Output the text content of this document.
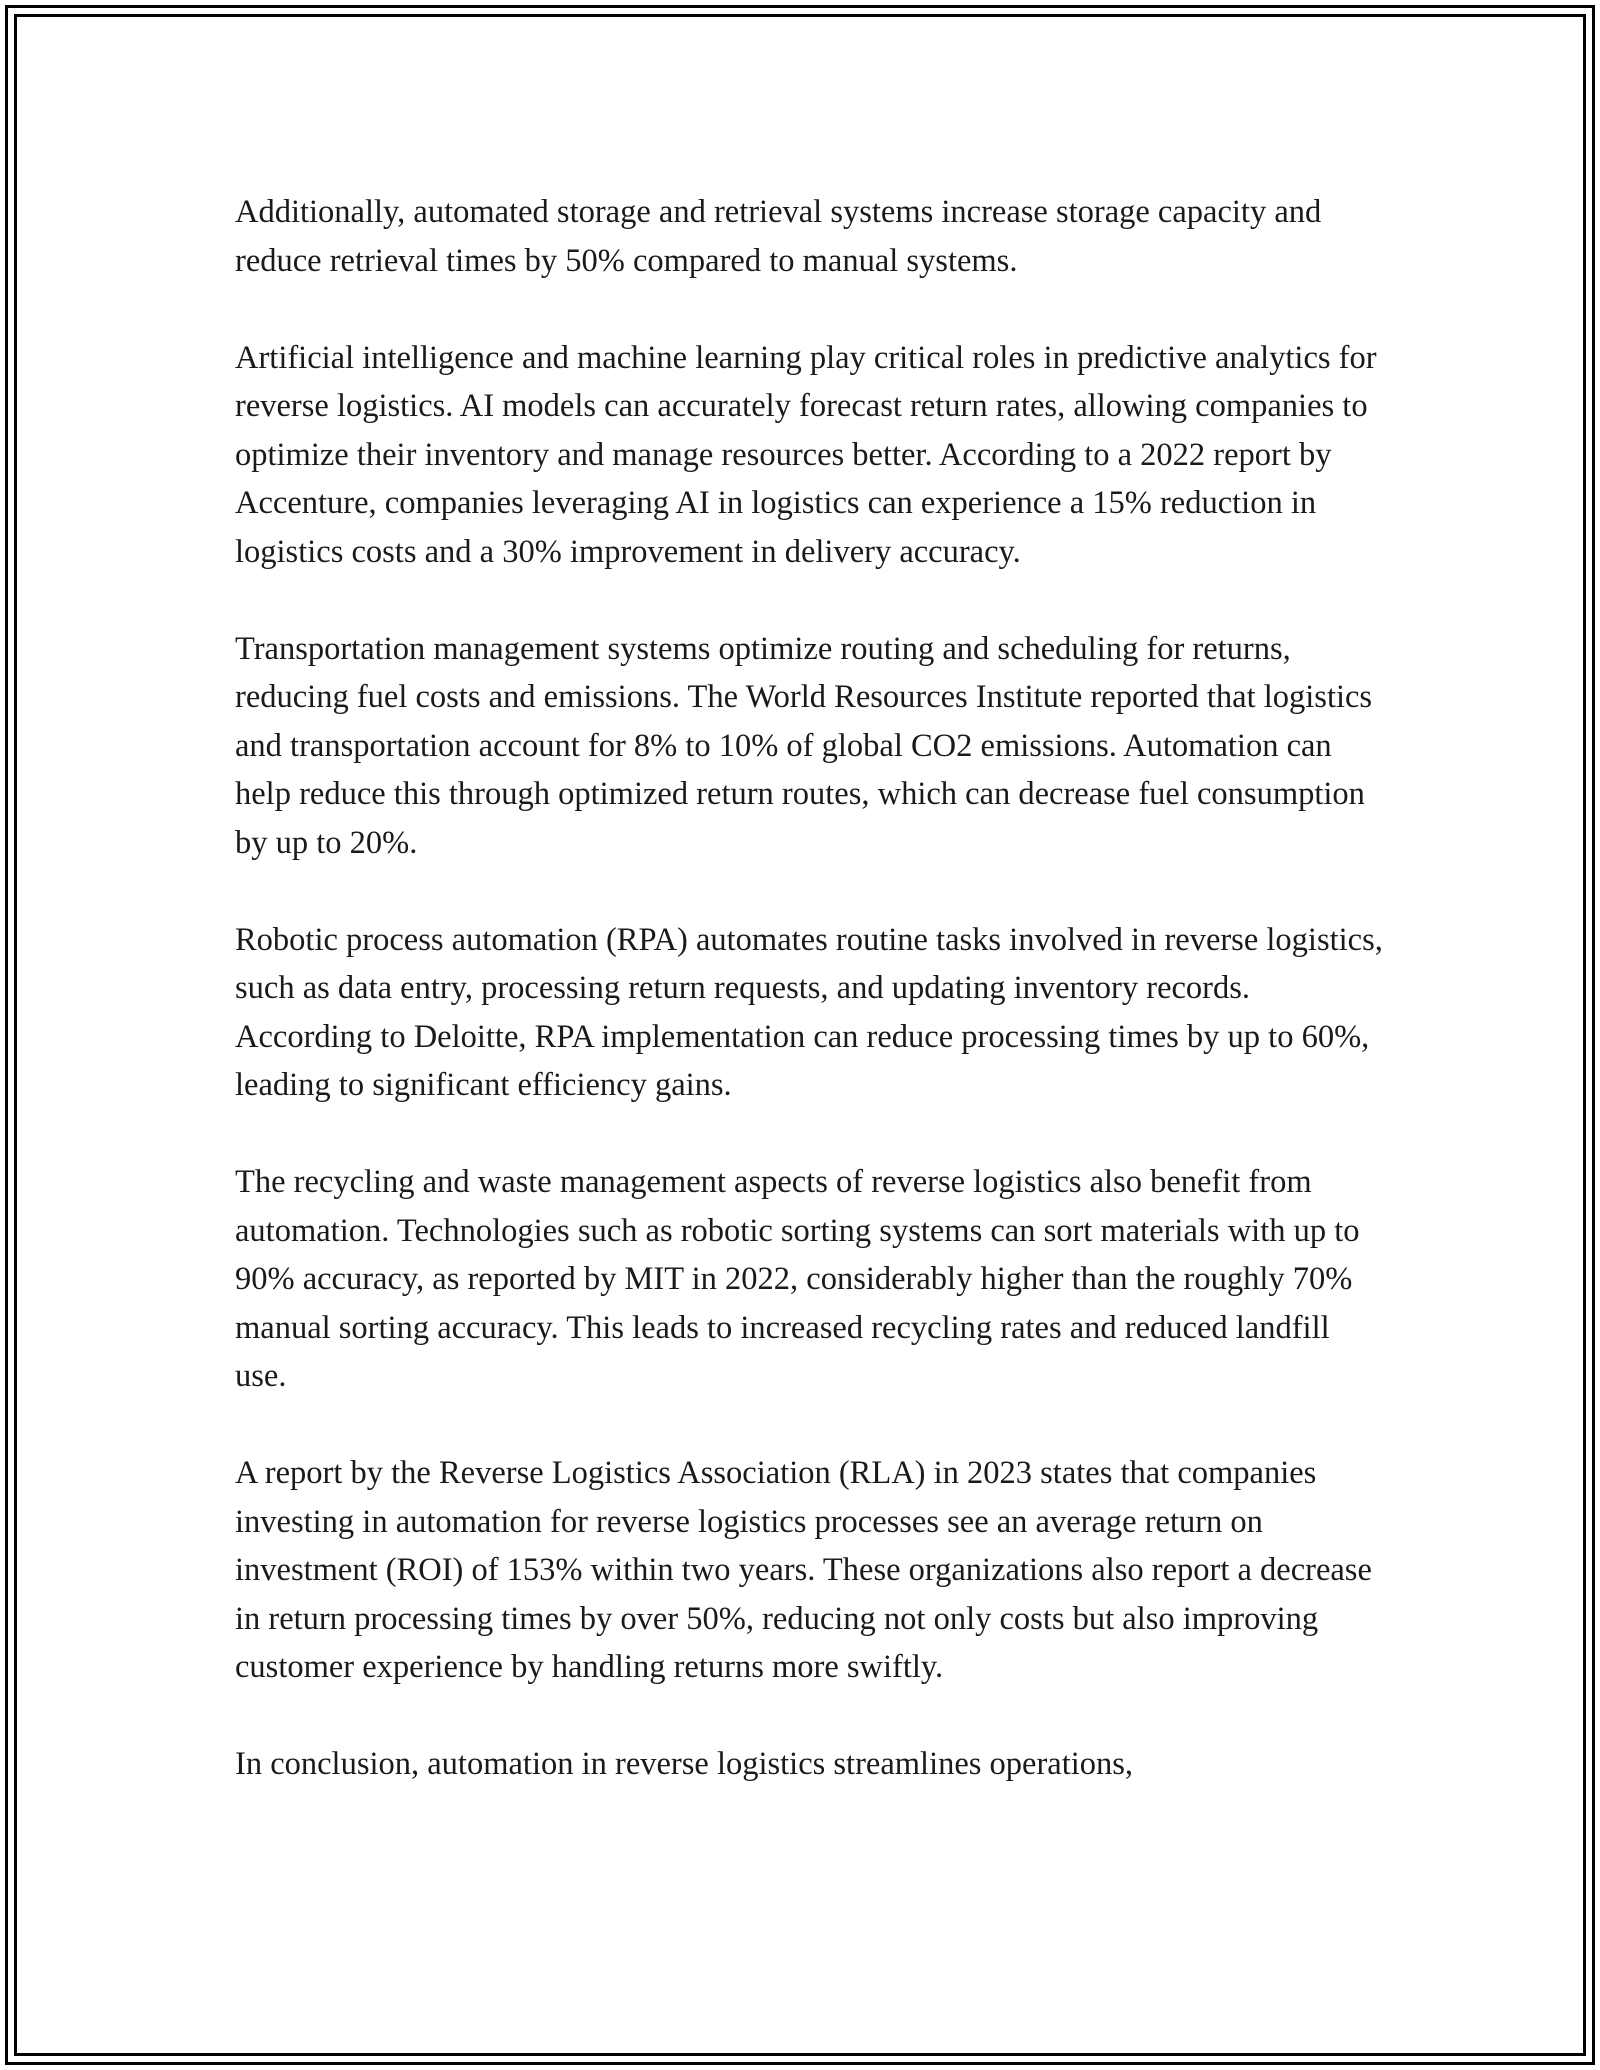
Additionally, automated storage and retrieval systems increase storage capacity and reduce retrieval times by 50% compared to manual systems.

Artificial intelligence and machine learning play critical roles in predictive analytics for reverse logistics. AI models can accurately forecast return rates, allowing companies to optimize their inventory and manage resources better. According to a 2022 report by Accenture, companies leveraging AI in logistics can experience a 15% reduction in logistics costs and a 30% improvement in delivery accuracy.

Transportation management systems optimize routing and scheduling for returns, reducing fuel costs and emissions. The World Resources Institute reported that logistics and transportation account for 8% to 10% of global CO2 emissions. Automation can help reduce this through optimized return routes, which can decrease fuel consumption by up to 20%.

Robotic process automation (RPA) automates routine tasks involved in reverse logistics, such as data entry, processing return requests, and updating inventory records. According to Deloitte, RPA implementation can reduce processing times by up to 60%, leading to significant efficiency gains.

The recycling and waste management aspects of reverse logistics also benefit from automation. Technologies such as robotic sorting systems can sort materials with up to 90% accuracy, as reported by MIT in 2022, considerably higher than the roughly 70% manual sorting accuracy. This leads to increased recycling rates and reduced landfill use.

A report by the Reverse Logistics Association (RLA) in 2023 states that companies investing in automation for reverse logistics processes see an average return on investment (ROI) of 153% within two years. These organizations also report a decrease in return processing times by over 50%, reducing not only costs but also improving customer experience by handling returns more swiftly.

In conclusion, automation in reverse logistics streamlines operations,
